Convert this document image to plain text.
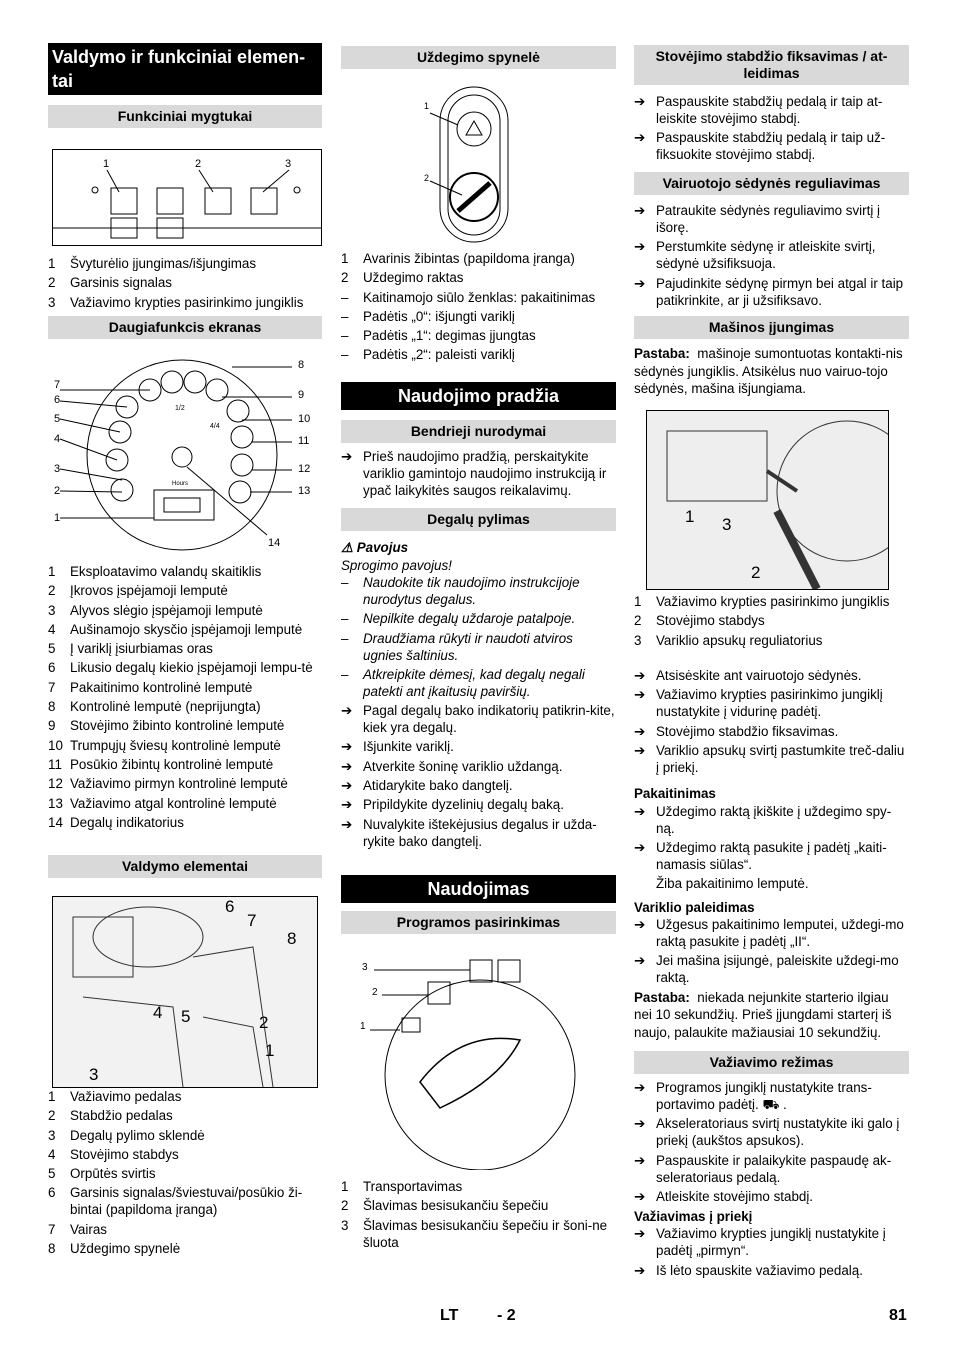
Valdymo ir funkciniai elemen-tai
Funkciniai mygtukai
1	2	3
1	Švyturėlio įjungimas/išjungimas
2	Garsinis signalas
3	Važiavimo krypties pasirinkimo jungiklis
Daugiafunkcis ekranas
1
2
3
4
5
6
7
8
9
10
11
12
13
14
Hours
1/2
4/4
1	Eksploatavimo valandų skaitiklis
2	Įkrovos įspėjamoji lemputė
3	Alyvos slėgio įspėjamoji lemputė
4	Aušinamojo skysčio įspėjamoji lemputė
5	Į variklį įsiurbiamas oras
6	Likusio degalų kiekio įspėjamoji lempu-tė
7	Pakaitinimo kontrolinė lemputė
8	Kontrolinė lemputė (neprijungta)
9	Stovėjimo žibinto kontrolinė lemputė
10 Trumpųjų šviesų kontrolinė lemputė
11 Posūkio žibintų kontrolinė lemputė
12 Važiavimo pirmyn kontrolinė lemputė
13 Važiavimo atgal kontrolinė lemputė
14 Degalų indikatorius
Valdymo elementai
6
7
8
4 5	2
1
3
1	Važiavimo pedalas
2	Stabdžio pedalas
3	Degalų pylimo sklendė
4	Stovėjimo stabdys
5	Orpūtės svirtis
6	Garsinis signalas/šviestuvai/posūkio ži-bintai (papildoma įranga)
7	Vairas
8	Uždegimo spynelė
Uždegimo spynelė
1
2
1	Avarinis žibintas (papildoma įranga)
2	Uždegimo raktas
–	Kaitinamojo siūlo ženklas: pakaitinimas
–	Padėtis „0“: išjungti variklį
–	Padėtis „1“: degimas įjungtas
–	Padėtis „2“: paleisti variklį
Naudojimo pradžia
Bendrieji nurodymai
➔ Prieš naudojimo pradžią, perskaitykite variklio gamintojo naudojimo instrukciją ir ypač laikykitės saugos reikalavimų.
Degalų pylimas
⚠ Pavojus
Sprogimo pavojus!
–	Naudokite tik naudojimo instrukcijoje nurodytus degalus.
–	Nepilkite degalų uždaroje patalpoje.
–	Draudžiama rūkyti ir naudoti atviros ugnies šaltinius.
–	Atkreipkite dėmesį, kad degalų negali patekti ant įkaitusių paviršių.
➔ Pagal degalų bako indikatorių patikrin-kite, kiek yra degalų.
➔ Išjunkite variklį.
➔ Atverkite šoninę variklio uždangą.
➔ Atidarykite bako dangtelį.
➔ Pripildykite dyzelinių degalų baką.
➔ Nuvalykite ištekėjusius degalus ir užda-rykite bako dangtelį.
Naudojimas
Programos pasirinkimas
3
2
1
1	Transportavimas
2	Šlavimas besisukančiu šepečiu
3	Šlavimas besisukančiu šepečiu ir šoni-ne šluota
Stovėjimo stabdžio fiksavimas / at-leidimas
➔ Paspauskite stabdžių pedalą ir taip at-leiskite stovėjimo stabdį.
➔ Paspauskite stabdžių pedalą ir taip už-fiksuokite stovėjimo stabdį.
Vairuotojo sėdynės reguliavimas
➔ Patraukite sėdynės reguliavimo svirtį į išorę.
➔ Perstumkite sėdynę ir atleiskite svirtį, sėdynė užsifiksuoja.
➔ Pajudinkite sėdynę pirmyn bei atgal ir taip patikrinkite, ar ji užsifiksavo.
Mašinos įjungimas
Pastaba: mašinoje sumontuotas kontakti-nis sėdynės jungiklis. Atsikėlus nuo vairuo-tojo sėdynės, mašina išjungiama.
1 3
2
1	Važiavimo krypties pasirinkimo jungiklis
2	Stovėjimo stabdys
3	Variklio apsukų reguliatorius
➔ Atsisėskite ant vairuotojo sėdynės.
➔ Važiavimo krypties pasirinkimo jungiklį nustatykite į vidurinę padėtį.
➔ Stovėjimo stabdžio fiksavimas.
➔ Variklio apsukų svirtį pastumkite treč-daliu į priekį.
Pakaitinimas
➔ Uždegimo raktą įkiškite į uždegimo spy-ną.
➔ Uždegimo raktą pasukite į padėtį „kaiti-namasis siūlas“.
Žiba pakaitinimo lemputė.
Variklio paleidimas
➔ Užgesus pakaitinimo lemputei, uždegi-mo raktą pasukite į padėtį „II“.
➔ Jei mašina įsijungė, paleiskite uždegi-mo raktą.
Pastaba: niekada nejunkite starterio ilgiau nei 10 sekundžių. Prieš įjungdami starterį iš naujo, palaukite mažiausiai 10 sekundžių.
Važiavimo režimas
➔ Programos jungiklį nustatykite trans-portavimo padėtį. ⛟ .
➔ Akseleratoriaus svirtį nustatykite iki galo į priekį (aukštos apsukos).
➔ Paspauskite ir palaikykite paspaudę ak-seleratoriaus pedalą.
➔ Atleiskite stovėjimo stabdį.
Važiavimas į priekį
➔ Važiavimo krypties jungiklį nustatykite į padėtį „pirmyn“.
➔ Iš lėto spauskite važiavimo pedalą.
LT - 2	81
